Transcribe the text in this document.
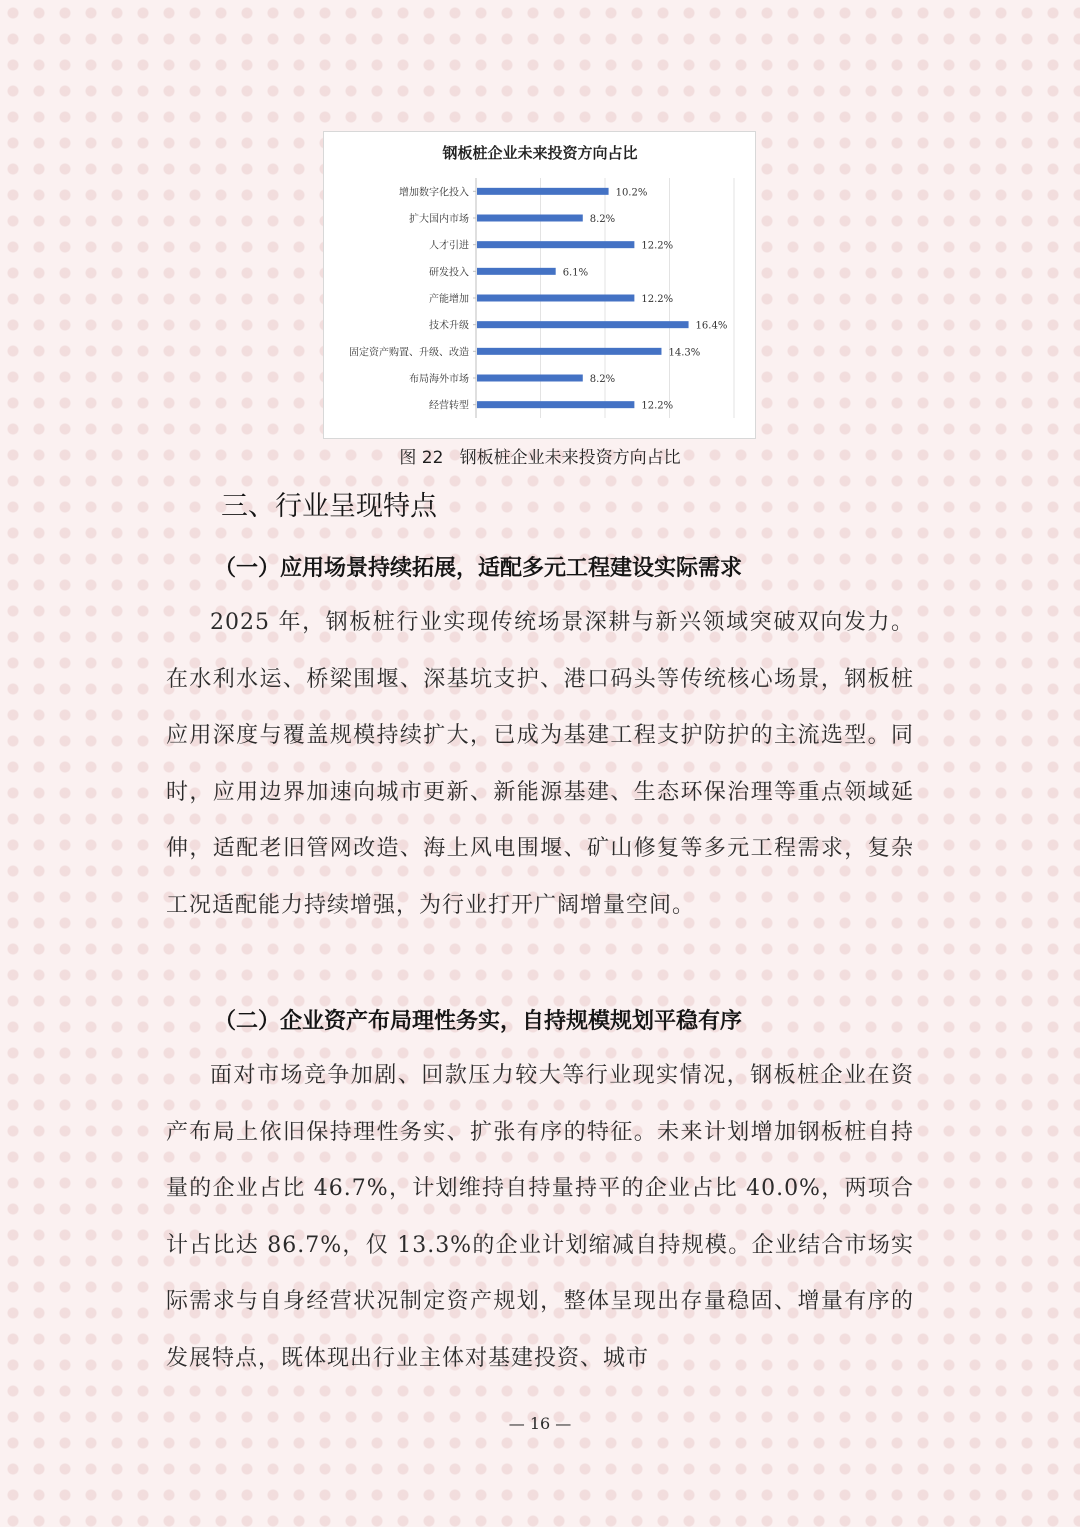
钢板桩企业未来投资方向占比
增加数字化投入	10.2%
扩大国内市场	8.2%
人才引进	12.2%
研发投入	6.1%
产能增加	12.2%
技术升级	16.4%
固定资产购置、升级、改造	14.3%
布局海外市场	8.2%
经营转型	12.2%
图 22 钢板桩企业未来投资方向占比
三、行业呈现特点
（一）应用场景持续拓展，适配多元工程建设实际需求

2025 年，钢板桩行业实现传统场景深耕与新兴领域突破双向发力。在水利水运、桥梁围堰、深基坑支护、港口码头等传统核心场景，钢板桩应用深度与覆盖规模持续扩大，已成为基建工程支护防护的主流选型。同时，应用边界加速向城市更新、新能源基建、生态环保治理等重点领域延伸，适配老旧管网改造、海上风电围堰、矿山修复等多元工程需求，复杂工况适配能力持续增强，为行业打开广阔增量空间。

（二）企业资产布局理性务实，自持规模规划平稳有序

面对市场竞争加剧、回款压力较大等行业现实情况，钢板桩企业在资产布局上依旧保持理性务实、扩张有序的特征。未来计划增加钢板桩自持量的企业占比 46.7%，计划维持自持量持平的企业占比 40.0%，两项合计占比达 86.7%，仅 13.3%的企业计划缩减自持规模。企业结合市场实际需求与自身经营状况制定资产规划，整体呈现出存量稳固、增量有序的发展特点，既体现出行业主体对基建投资、城市

— 16 —
